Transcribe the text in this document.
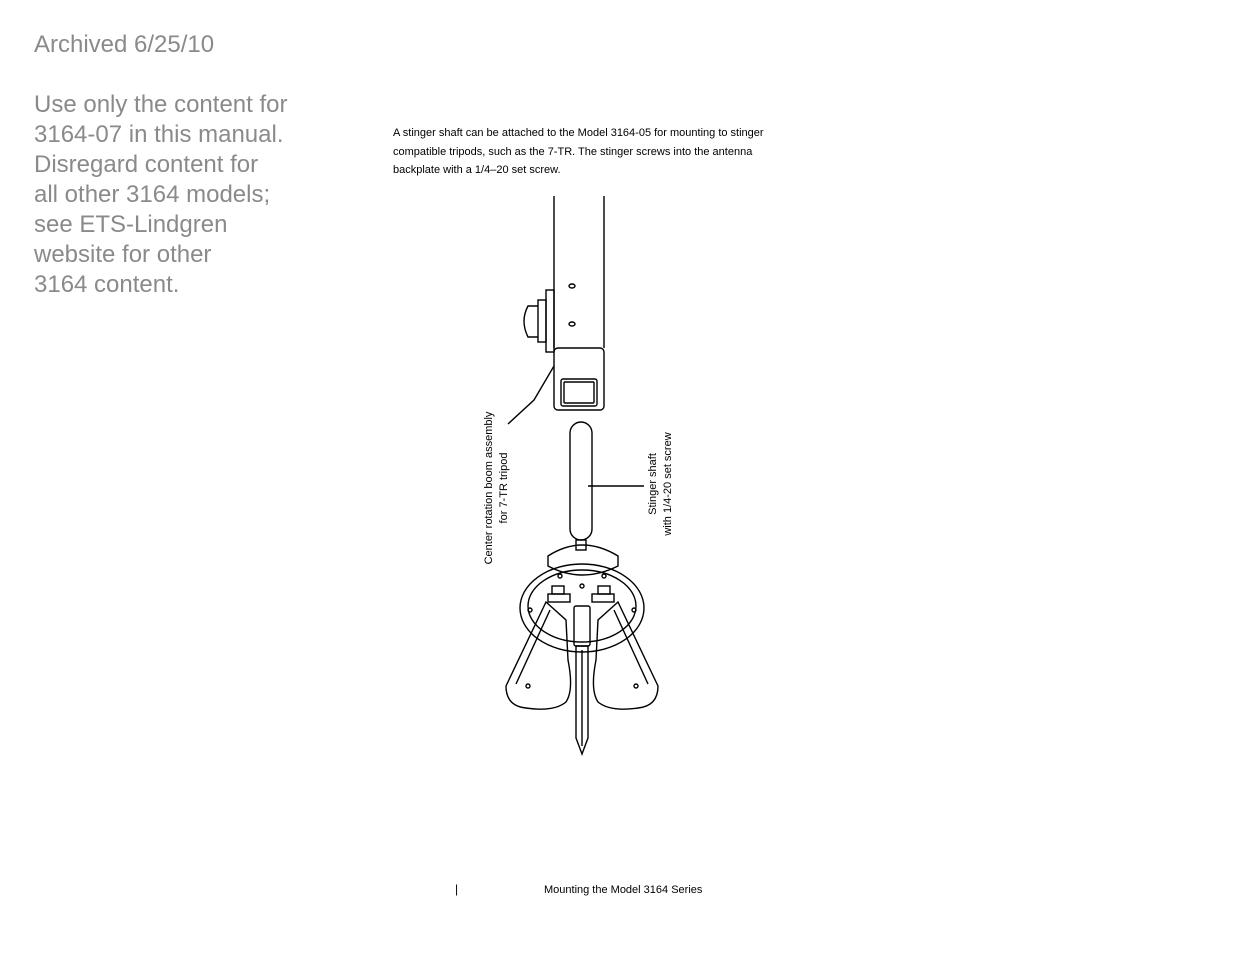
Archived 6/25/10
Use only the content for
3164-07 in this manual.
Disregard content for
all other 3164 models;
see ETS-Lindgren
website for other
3164 content.
A stinger shaft can be attached to the Model 3164-05 for mounting to stinger
compatible tripods, such as the 7-TR. The stinger screws into the antenna
backplate with a 1/4–20 set screw.
Center rotation boom assembly for 7-TR tripod	Stinger shaft with 1/4-20 set screw
|	Mounting the Model 3164 Series
